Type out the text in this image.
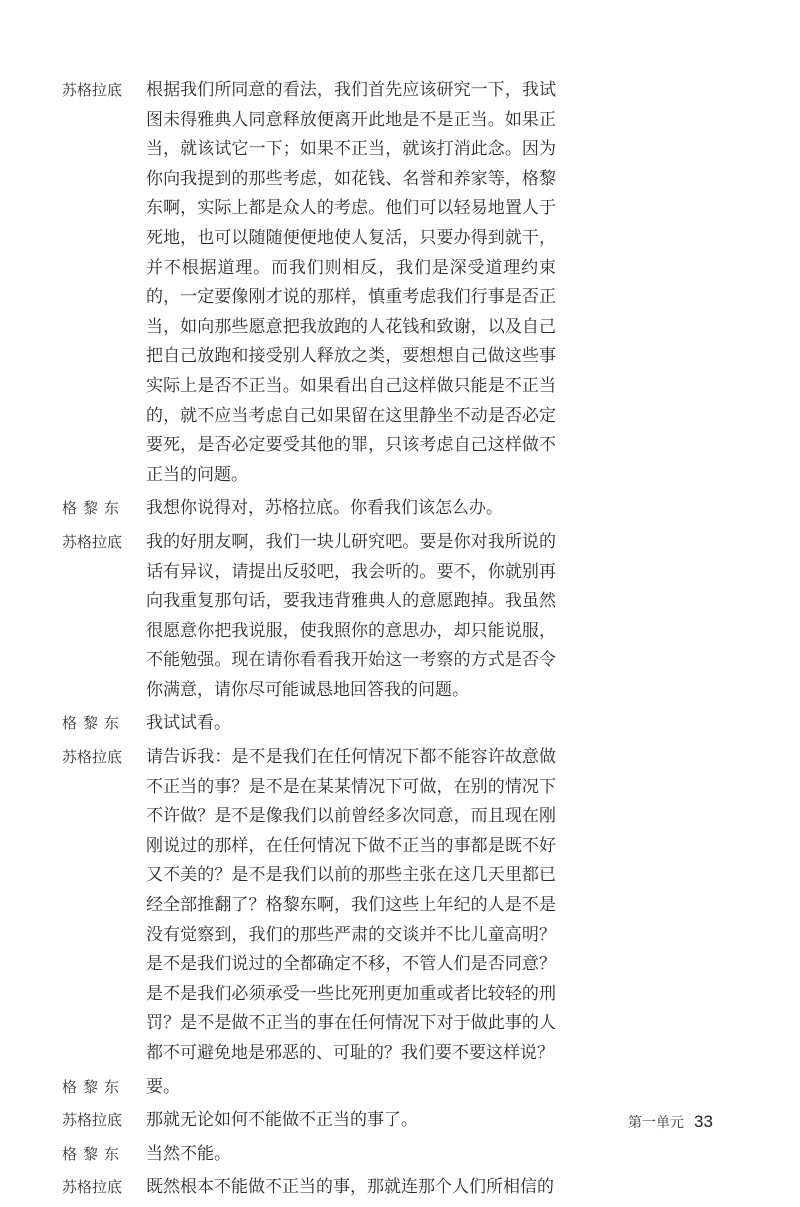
苏格拉底	根据我们所同意的看法，我们首先应该研究一下，我试图未得雅典人同意释放便离开此地是不是正当。如果正当，就该试它一下；如果不正当，就该打消此念。因为你向我提到的那些考虑，如花钱、名誉和养家等，格黎东啊，实际上都是众人的考虑。他们可以轻易地置人于死地，也可以随随便便地使人复活，只要办得到就干，并不根据道理。而我们则相反，我们是深受道理约束的，一定要像刚才说的那样，慎重考虑我们行事是否正当，如向那些愿意把我放跑的人花钱和致谢，以及自己把自己放跑和接受别人释放之类，要想想自己做这些事实际上是否不正当。如果看出自己这样做只能是不正当的，就不应当考虑自己如果留在这里静坐不动是否必定要死，是否必定要受其他的罪，只该考虑自己这样做不正当的问题。
格黎东	我想你说得对，苏格拉底。你看我们该怎么办。
苏格拉底	我的好朋友啊，我们一块儿研究吧。要是你对我所说的话有异议，请提出反驳吧，我会听的。要不，你就别再向我重复那句话，要我违背雅典人的意愿跑掉。我虽然很愿意你把我说服，使我照你的意思办，却只能说服，不能勉强。现在请你看看我开始这一考察的方式是否令你满意，请你尽可能诚恳地回答我的问题。
格黎东	我试试看。
苏格拉底	请告诉我：是不是我们在任何情况下都不能容许故意做不正当的事？是不是在某某情况下可做，在别的情况下不许做？是不是像我们以前曾经多次同意，而且现在刚刚说过的那样，在任何情况下做不正当的事都是既不好又不美的？是不是我们以前的那些主张在这几天里都已经全部推翻了？格黎东啊，我们这些上年纪的人是不是没有觉察到，我们的那些严肃的交谈并不比儿童高明？是不是我们说过的全都确定不移，不管人们是否同意？是不是我们必须承受一些比死刑更加重或者比较轻的刑罚？是不是做不正当的事在任何情况下对于做此事的人都不可避免地是邪恶的、可耻的？我们要不要这样说？
格黎东	要。
苏格拉底	那就无论如何不能做不正当的事了。
格黎东	当然不能。
苏格拉底	既然根本不能做不正当的事，那就连那个人们所相信的
第一单元 33
